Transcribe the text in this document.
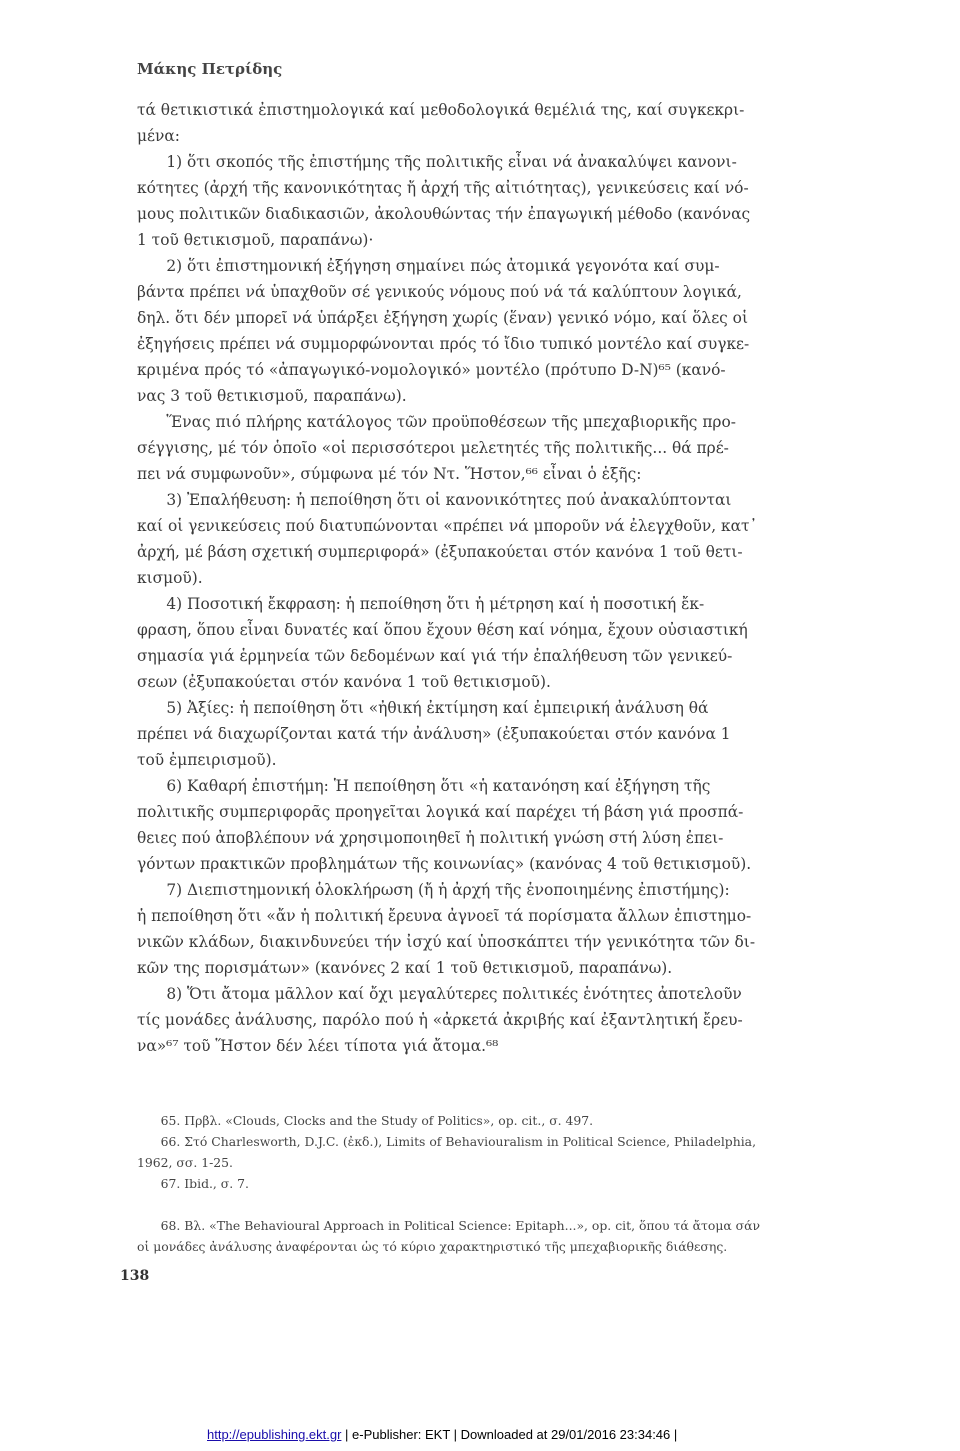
Μάκης Πετρίδης
τά θετικιστικά ἐπιστημολογικά καί μεθοδολογικά θεμέλιά της, καί συγκεκρι-
μένα:
1) ὅτι σκοπός τῆς ἐπιστήμης τῆς πολιτικῆς εἶναι νά ἀνακαλύψει κανονι-
κότητες (ἀρχή τῆς κανονικότητας ἤ ἀρχή τῆς αἰτιότητας), γενικεύσεις καί νό-
μους πολιτικῶν διαδικασιῶν, ἀκολουθώντας τήν ἐπαγωγική μέθοδο (κανόνας
1 τοῦ θετικισμοῦ, παραπάνω)·
2) ὅτι ἐπιστημονική ἐξήγηση σημαίνει πώς ἀτομικά γεγονότα καί συμ-
βάντα πρέπει νά ὑπαχθοῦν σέ γενικούς νόμους πού νά τά καλύπτουν λογικά,
δηλ. ὅτι δέν μπορεῖ νά ὑπάρξει ἐξήγηση χωρίς (ἕναν) γενικό νόμο, καί ὅλες οἱ
ἐξηγήσεις πρέπει νά συμμορφώνονται πρός τό ἴδιο τυπικό μοντέλο καί συγκε-
κριμένα πρός τό «ἀπαγωγικό-νομολογικό» μοντέλο (πρότυπο D-N)⁶⁵ (κανό-
νας 3 τοῦ θετικισμοῦ, παραπάνω).
Ἕνας πιό πλήρης κατάλογος τῶν προϋποθέσεων τῆς μπεχαβιορικῆς προ-
σέγγισης, μέ τόν ὁποῖο «οἱ περισσότεροι μελετητές τῆς πολιτικῆς... θά πρέ-
πει νά συμφωνοῦν», σύμφωνα μέ τόν Ντ. Ἥστον,⁶⁶ εἶναι ὁ ἑξῆς:
3) Ἐπαλήθευση: ἡ πεποίθηση ὅτι οἱ κανονικότητες πού ἀνακαλύπτονται
καί οἱ γενικεύσεις πού διατυπώνονται «πρέπει νά μποροῦν νά ἐλεγχθοῦν, κατ᾽
ἀρχή, μέ βάση σχετική συμπεριφορά» (ἐξυπακούεται στόν κανόνα 1 τοῦ θετι-
κισμοῦ).
4) Ποσοτική ἔκφραση: ἡ πεποίθηση ὅτι ἡ μέτρηση καί ἡ ποσοτική ἔκ-
φραση, ὅπου εἶναι δυνατές καί ὅπου ἔχουν θέση καί νόημα, ἔχουν οὐσιαστική
σημασία γιά ἑρμηνεία τῶν δεδομένων καί γιά τήν ἐπαλήθευση τῶν γενικεύ-
σεων (ἐξυπακούεται στόν κανόνα 1 τοῦ θετικισμοῦ).
5) Ἀξίες: ἡ πεποίθηση ὅτι «ἠθική ἐκτίμηση καί ἐμπειρική ἀνάλυση θά
πρέπει νά διαχωρίζονται κατά τήν ἀνάλυση» (ἐξυπακούεται στόν κανόνα 1
τοῦ ἐμπειρισμοῦ).
6) Καθαρή ἐπιστήμη: Ἡ πεποίθηση ὅτι «ἡ κατανόηση καί ἐξήγηση τῆς
πολιτικῆς συμπεριφορᾶς προηγεῖται λογικά καί παρέχει τή βάση γιά προσπά-
θειες πού ἀποβλέπουν νά χρησιμοποιηθεῖ ἡ πολιτική γνώση στή λύση ἐπει-
γόντων πρακτικῶν προβλημάτων τῆς κοινωνίας» (κανόνας 4 τοῦ θετικισμοῦ).
7) Διεπιστημονική ὁλοκλήρωση (ἤ ἡ ἀρχή τῆς ἑνοποιημένης ἐπιστήμης):
ἡ πεποίθηση ὅτι «ἄν ἡ πολιτική ἔρευνα ἀγνοεῖ τά πορίσματα ἄλλων ἐπιστημο-
νικῶν κλάδων, διακινδυνεύει τήν ἰσχύ καί ὑποσκάπτει τήν γενικότητα τῶν δι-
κῶν της πορισμάτων» (κανόνες 2 καί 1 τοῦ θετικισμοῦ, παραπάνω).
8) Ὅτι ἄτομα μᾶλλον καί ὄχι μεγαλύτερες πολιτικές ἑνότητες ἀποτελοῦν
τίς μονάδες ἀνάλυσης, παρόλο πού ἡ «ἀρκετά ἀκριβής καί ἐξαντλητική ἔρευ-
να»⁶⁷ τοῦ Ἥστον δέν λέει τίποτα γιά ἄτομα.⁶⁸
65. Πρβλ. «Clouds, Clocks and the Study of Politics», op. cit., σ. 497.
66. Στό Charlesworth, D.J.C. (ἐκδ.), Limits of Behaviouralism in Political Science, Philadelphia,
1962, σσ. 1-25.
67. Ibid., σ. 7.
68. Βλ. «The Behavioural Approach in Political Science: Epitaph...», op. cit, ὅπου τά ἄτομα σάν
οἱ μονάδες ἀνάλυσης ἀναφέρονται ὡς τό κύριο χαρακτηριστικό τῆς μπεχαβιορικῆς διάθεσης.
138
http://epublishing.ekt.gr | e-Publisher: EKT | Downloaded at 29/01/2016 23:34:46 |
